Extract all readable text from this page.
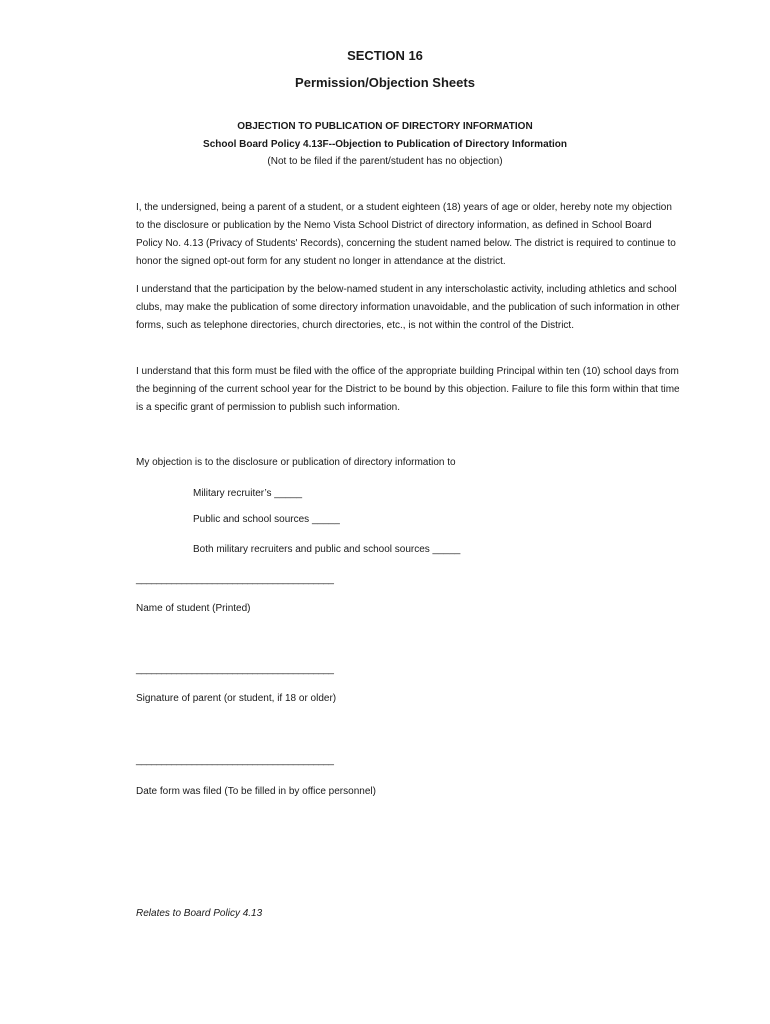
SECTION 16

Permission/Objection Sheets

OBJECTION TO PUBLICATION OF DIRECTORY INFORMATION

School Board Policy 4.13F--Objection to Publication of Directory Information

(Not to be filed if the parent/student has no objection)

I, the undersigned, being a parent of a student, or a student eighteen (18) years of age or older, hereby note my objection to the disclosure or publication by the Nemo Vista School District of directory information, as defined in School Board Policy No. 4.13 (Privacy of Students' Records), concerning the student named below. The district is required to continue to honor the signed opt-out form for any student no longer in attendance at the district.

I understand that the participation by the below-named student in any interscholastic activity, including athletics and school clubs, may make the publication of some directory information unavoidable, and the publication of such information in other forms, such as telephone directories, church directories, etc., is not within the control of the District.

I understand that this form must be filed with the office of the appropriate building Principal within ten (10) school days from the beginning of the current school year for the District to be bound by this objection. Failure to file this form within that time is a specific grant of permission to publish such information.

My objection is to the disclosure or publication of directory information to

Military recruiter’s _____

Public and school sources _____

Both military recruiters and public and school sources _____

_______________________________________

Name of student (Printed)

_______________________________________

Signature of parent (or student, if 18 or older)

_______________________________________

Date form was filed (To be filled in by office personnel)

Relates to Board Policy 4.13
